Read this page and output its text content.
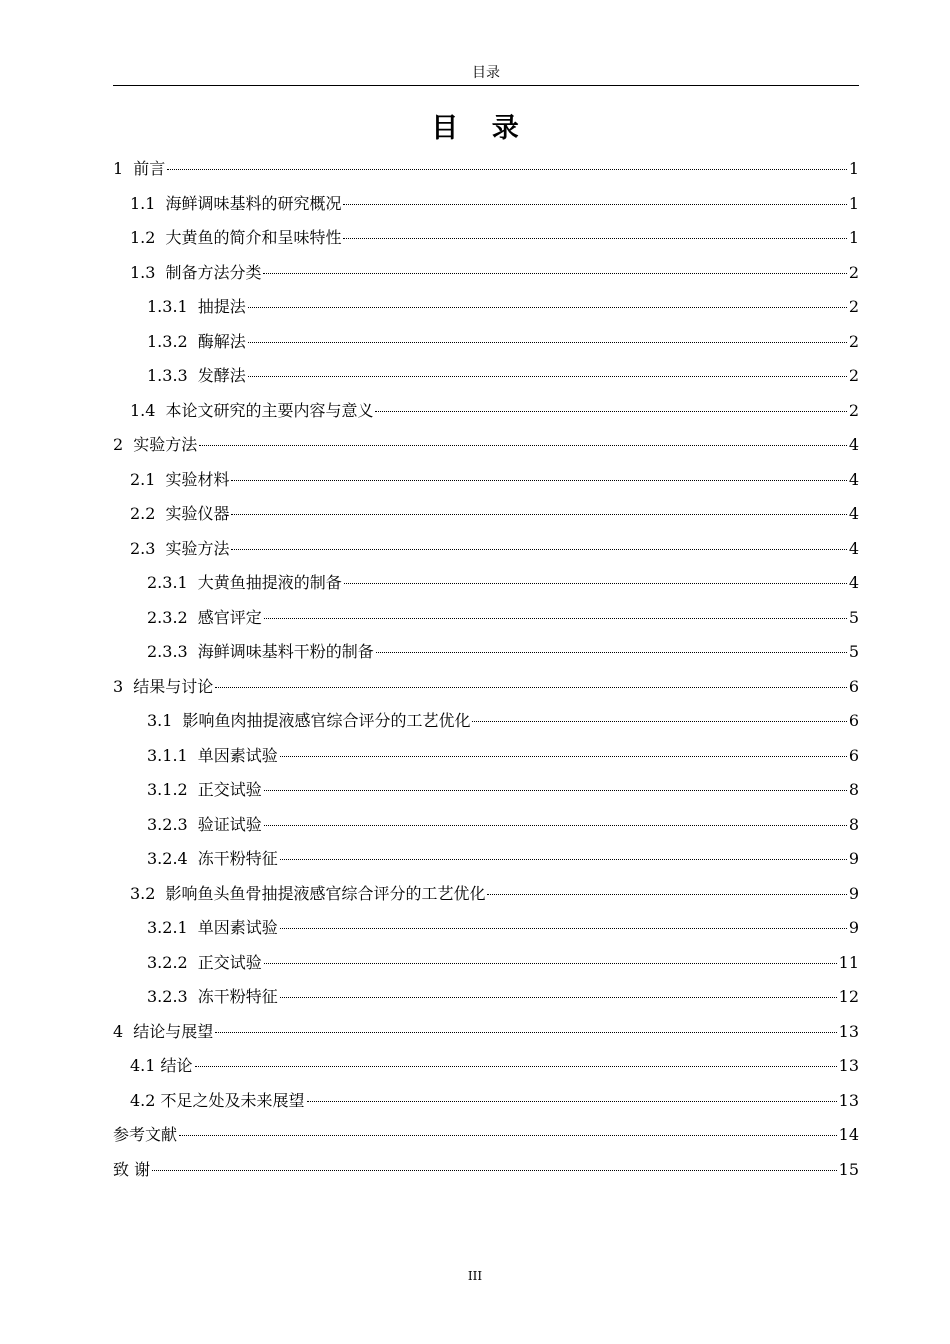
目录
目 录
1 前言	1
1.1 海鲜调味基料的研究概况	1
1.2 大黄鱼的简介和呈味特性	1
1.3 制备方法分类	2
1.3.1 抽提法	2
1.3.2 酶解法	2
1.3.3 发酵法	2
1.4 本论文研究的主要内容与意义	2
2 实验方法	4
2.1 实验材料	4
2.2 实验仪器	4
2.3 实验方法	4
2.3.1 大黄鱼抽提液的制备	4
2.3.2 感官评定	5
2.3.3 海鲜调味基料干粉的制备	5
3 结果与讨论	6
3.1 影响鱼肉抽提液感官综合评分的工艺优化	6
3.1.1 单因素试验	6
3.1.2 正交试验	8
3.2.3 验证试验	8
3.2.4 冻干粉特征	9
3.2 影响鱼头鱼骨抽提液感官综合评分的工艺优化	9
3.2.1 单因素试验	9
3.2.2 正交试验	11
3.2.3 冻干粉特征	12
4 结论与展望	13
4.1 结论	13
4.2 不足之处及未来展望	13
参考文献	14
致 谢	15
III
